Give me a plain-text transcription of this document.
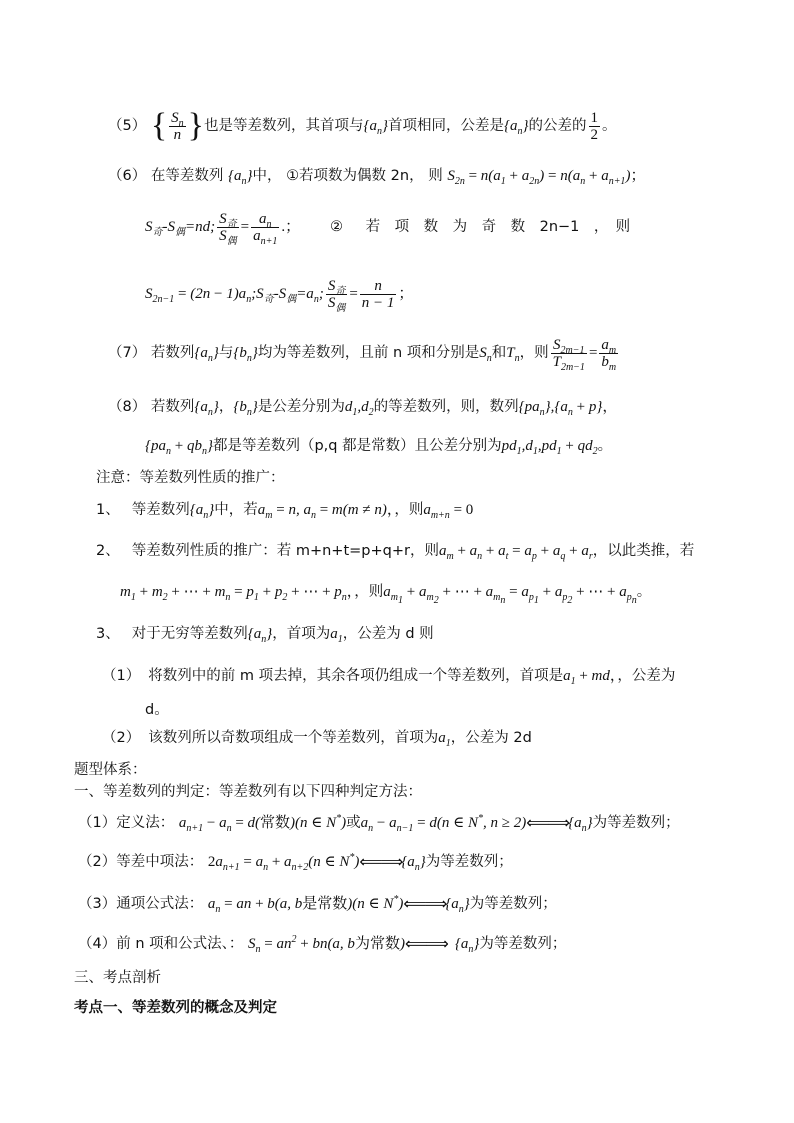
（5） { $\frac{S_n}{n}$ }也是等差数列，其首项与$\{a_n\}$首项相同，公差是$\{a_n\}$的公差的 $\frac{1}{2}$ 。
（6） 在等差数列 $\{a_n\}$中， ①若项数为偶数 2n， 则 $S_{2n} = n(a_1 + a_{2n}) = n(a_n + a_{n+1})$；
$S_奇-S_偶=nd$; $\frac{S_奇}{S_偶} = \frac{a_n}{a_{n+1}}$ .； ② 若　项　数　为　奇　数　2n−1　，　则
$S_{2n-1} = (2n$ − $1)a_n;S_奇-S_偶=a_n$; $\frac{S_奇}{S_偶} = \frac{n}{n - 1}$ ；
（7） 若数列$\{a_n\}$与$\{b_n\}$均为等差数列，且前 n 项和分别是$S_n$和$T_n$，则 $\frac{S_{2m-1}}{T_{2m-1}} = \frac{a_m}{b_m}$
（8） 若数列$\{a_n\}$，$\{b_n\}$是公差分别为$d_1,d_2$的等差数列，则，数列$\{pa_n\},\{a_n + p\}$，
$\{pa_n + qb_n\}$都是等差数列（p,q 都是常数）且公差分别为$pd_1,d_1,pd_1 + qd_2$。
注意：等差数列性质的推广：
1、 等差数列$\{a_n\}$中，若$a_m = n$, $a_n = m(m \ne n)$，，则$a_{m+n} = 0$
2、 等差数列性质的推广：若 m+n+t=p+q+r，则$a_m + a_n + a_t = a_p + a_q + a_r$，以此类推，若
$m_1 + m_2$ + ⋯ + $m_n = p_1 + p_2$ + ⋯ + $p_n$，，则$a_{m_1} + a_{m_2}$ + ⋯ + $a_{m_n} = a_{p_1} + a_{p_2}$ + ⋯ + $a_{p_n}$。
3、 对于无穷等差数列$\{a_n\}$，首项为$a_1$，公差为 d 则
（1） 将数列中的前 m 项去掉，其余各项仍组成一个等差数列，首项是$a_1$ + md，，公差为
d。
（2） 该数列所以奇数项组成一个等差数列，首项为$a_1$，公差为 2d
题型体系：
一、等差数列的判定：等差数列有以下四种判定方法：
（1）定义法： $a_{n+1} - a_n = d$(常数)(n ∈ N*)或$a_n - a_{n-1} = d(n$ ∈ N*, $n \ge 2)⟸⟹\{a_n\}$为等差数列；
（2）等差中项法： $2a_{n+1} = a_n + a_{n+2}(n$ ∈ $N^*)⟸⟹\{a_n\}$为等差数列；
（3）通项公式法： $a_n$ = an + b(a, b是常数)(n ∈ $N^*)⟸⟹\{a_n\}$为等差数列；
（4）前 n 项和公式法、： $S_n = an^2 + bn(a$, b为常数)⟸⟹ $\{a_n\}$为等差数列；
三、考点剖析
考点一、等差数列的概念及判定
